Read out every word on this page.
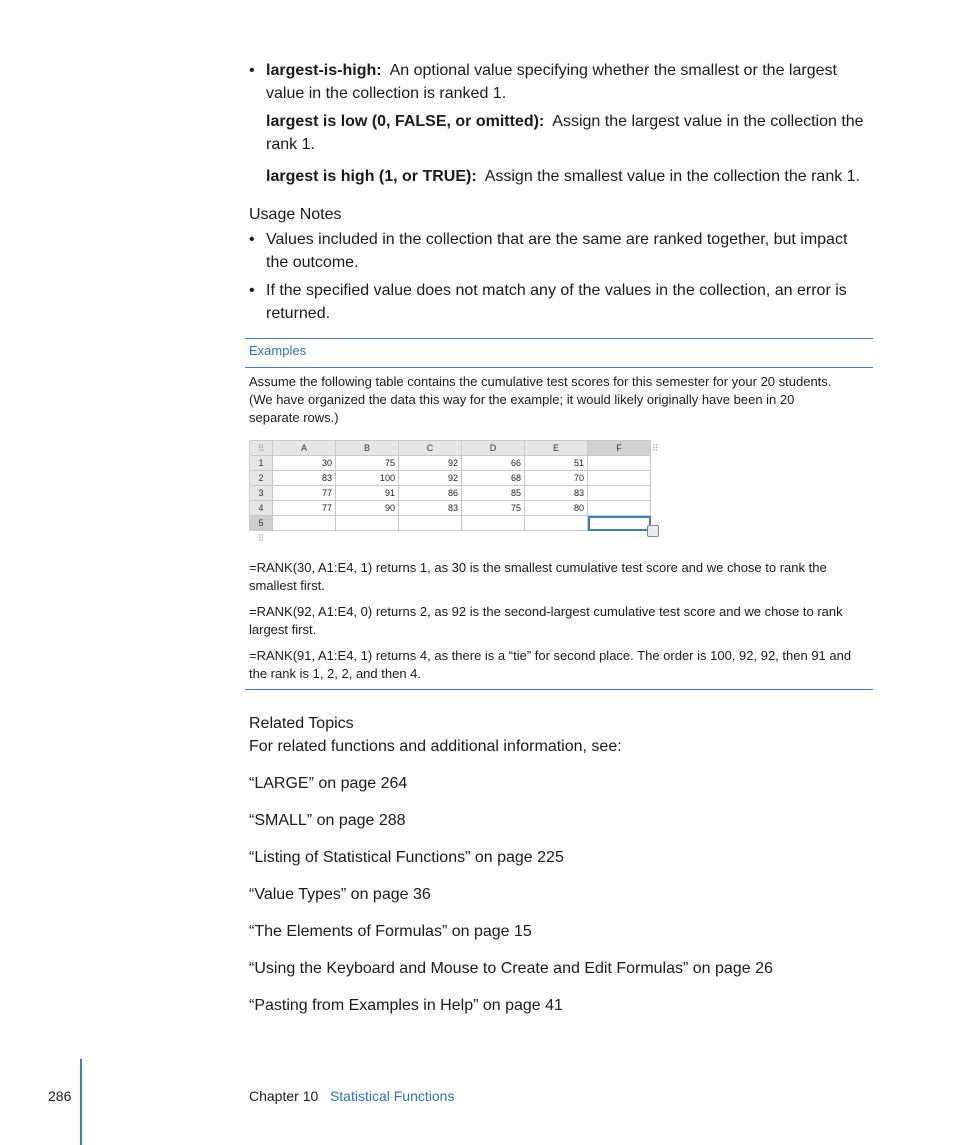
• largest-is-high: An optional value specifying whether the smallest or the largest
value in the collection is ranked 1.
largest is low (0, FALSE, or omitted): Assign the largest value in the collection the
rank 1.
largest is high (1, or TRUE): Assign the smallest value in the collection the rank 1.
Usage Notes
• Values included in the collection that are the same are ranked together, but impact
the outcome.
• If the specified value does not match any of the values in the collection, an error is
returned.
Examples
Assume the following table contains the cumulative test scores for this semester for your 20 students.
(We have organized the data this way for the example; it would likely originally have been in 20
separate rows.)
⠿	A	B	C	D	E	F	⠿
1	30	75	92	66	51		
2	83	100	92	68	70		
3	77	91	86	85	83		
4	77	90	83	75	80		
5							
⠿							
=RANK(30, A1:E4, 1) returns 1, as 30 is the smallest cumulative test score and we chose to rank the
smallest first.
=RANK(92, A1:E4, 0) returns 2, as 92 is the second-largest cumulative test score and we chose to rank
largest first.
=RANK(91, A1:E4, 1) returns 4, as there is a “tie” for second place. The order is 100, 92, 92, then 91 and
the rank is 1, 2, 2, and then 4.
Related Topics
For related functions and additional information, see:
“LARGE” on page 264
“SMALL” on page 288
“Listing of Statistical Functions” on page 225
“Value Types” on page 36
“The Elements of Formulas” on page 15
“Using the Keyboard and Mouse to Create and Edit Formulas” on page 26
“Pasting from Examples in Help” on page 41
286	Chapter 10 Statistical Functions
